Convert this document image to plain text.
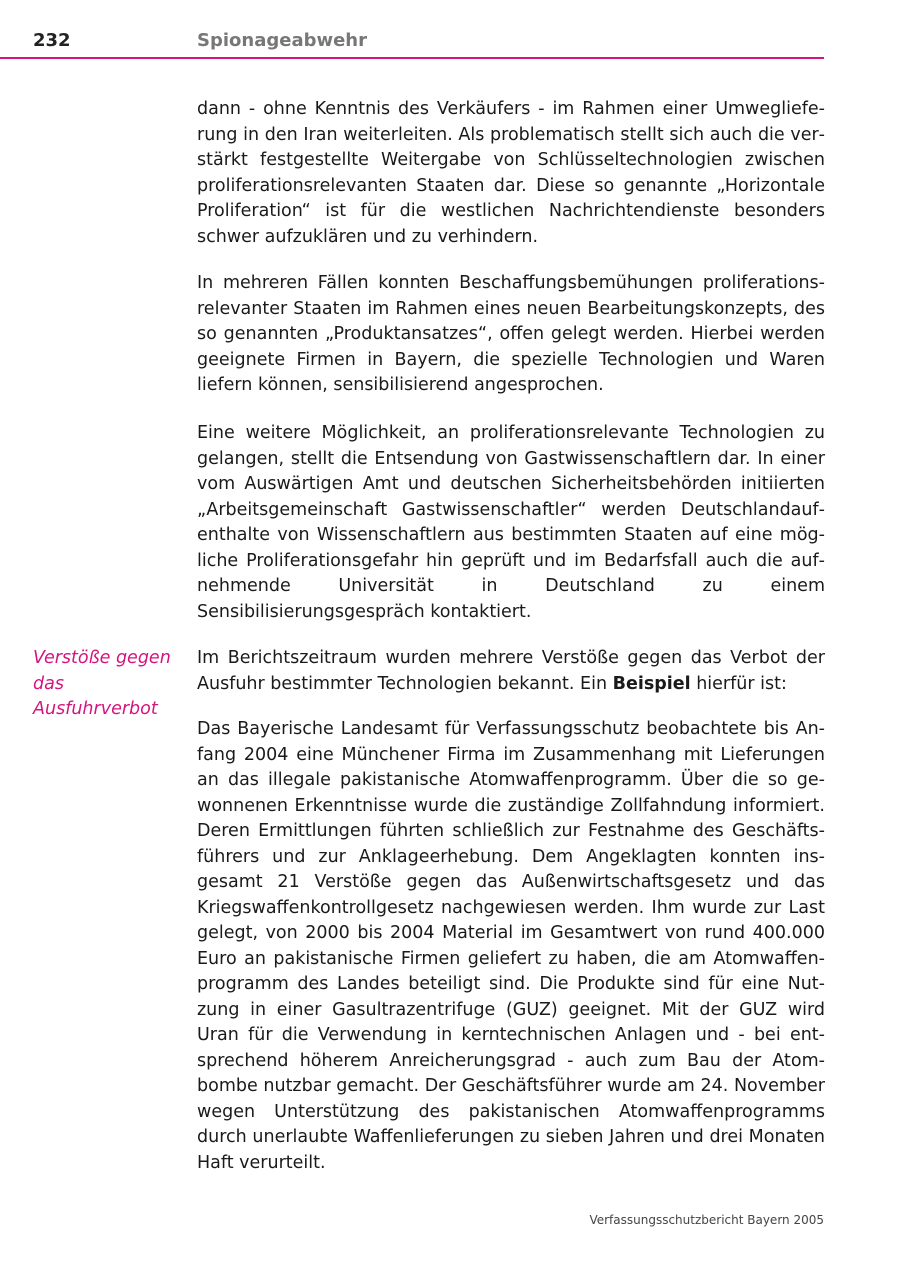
232	Spionageabwehr

dann - ohne Kenntnis des Verkäufers - im Rahmen einer Umweglieferung in den Iran weiterleiten. Als problematisch stellt sich auch die verstärkt festgestellte Weitergabe von Schlüsseltechnologien zwischen proliferationsrelevanten Staaten dar. Diese so genannte „Horizontale Proliferation“ ist für die westlichen Nachrichtendienste besonders schwer aufzuklären und zu verhindern.

In mehreren Fällen konnten Beschaffungsbemühungen proliferationsrelevanter Staaten im Rahmen eines neuen Bearbeitungskonzepts, des so genannten „Produktansatzes“, offen gelegt werden. Hierbei werden geeignete Firmen in Bayern, die spezielle Technologien und Waren liefern können, sensibilisierend angesprochen.

Eine weitere Möglichkeit, an proliferationsrelevante Technologien zu gelangen, stellt die Entsendung von Gastwissenschaftlern dar. In einer vom Auswärtigen Amt und deutschen Sicherheitsbehörden initiierten „Arbeitsgemeinschaft Gastwissenschaftler“ werden Deutschlandaufenthalte von Wissenschaftlern aus bestimmten Staaten auf eine mögliche Proliferationsgefahr hin geprüft und im Bedarfsfall auch die aufnehmende Universität in Deutschland zu einem Sensibilisierungsgespräch kontaktiert.

Verstöße gegen
das Ausfuhrverbot

Im Berichtszeitraum wurden mehrere Verstöße gegen das Verbot der Ausfuhr bestimmter Technologien bekannt. Ein Beispiel hierfür ist:

Das Bayerische Landesamt für Verfassungsschutz beobachtete bis Anfang 2004 eine Münchener Firma im Zusammenhang mit Lieferungen an das illegale pakistanische Atomwaffenprogramm. Über die so gewonnenen Erkenntnisse wurde die zuständige Zollfahndung informiert. Deren Ermittlungen führten schließlich zur Festnahme des Geschäftsführers und zur Anklageerhebung. Dem Angeklagten konnten insgesamt 21 Verstöße gegen das Außenwirtschaftsgesetz und das Kriegswaffenkontrollgesetz nachgewiesen werden. Ihm wurde zur Last gelegt, von 2000 bis 2004 Material im Gesamtwert von rund 400.000 Euro an pakistanische Firmen geliefert zu haben, die am Atomwaffenprogramm des Landes beteiligt sind. Die Produkte sind für eine Nutzung in einer Gasultrazentrifuge (GUZ) geeignet. Mit der GUZ wird Uran für die Verwendung in kerntechnischen Anlagen und - bei entsprechend höherem Anreicherungsgrad - auch zum Bau der Atombombe nutzbar gemacht. Der Geschäftsführer wurde am 24. November wegen Unterstützung des pakistanischen Atomwaffenprogramms durch unerlaubte Waffenlieferungen zu sieben Jahren und drei Monaten Haft verurteilt.

Verfassungsschutzbericht Bayern 2005
